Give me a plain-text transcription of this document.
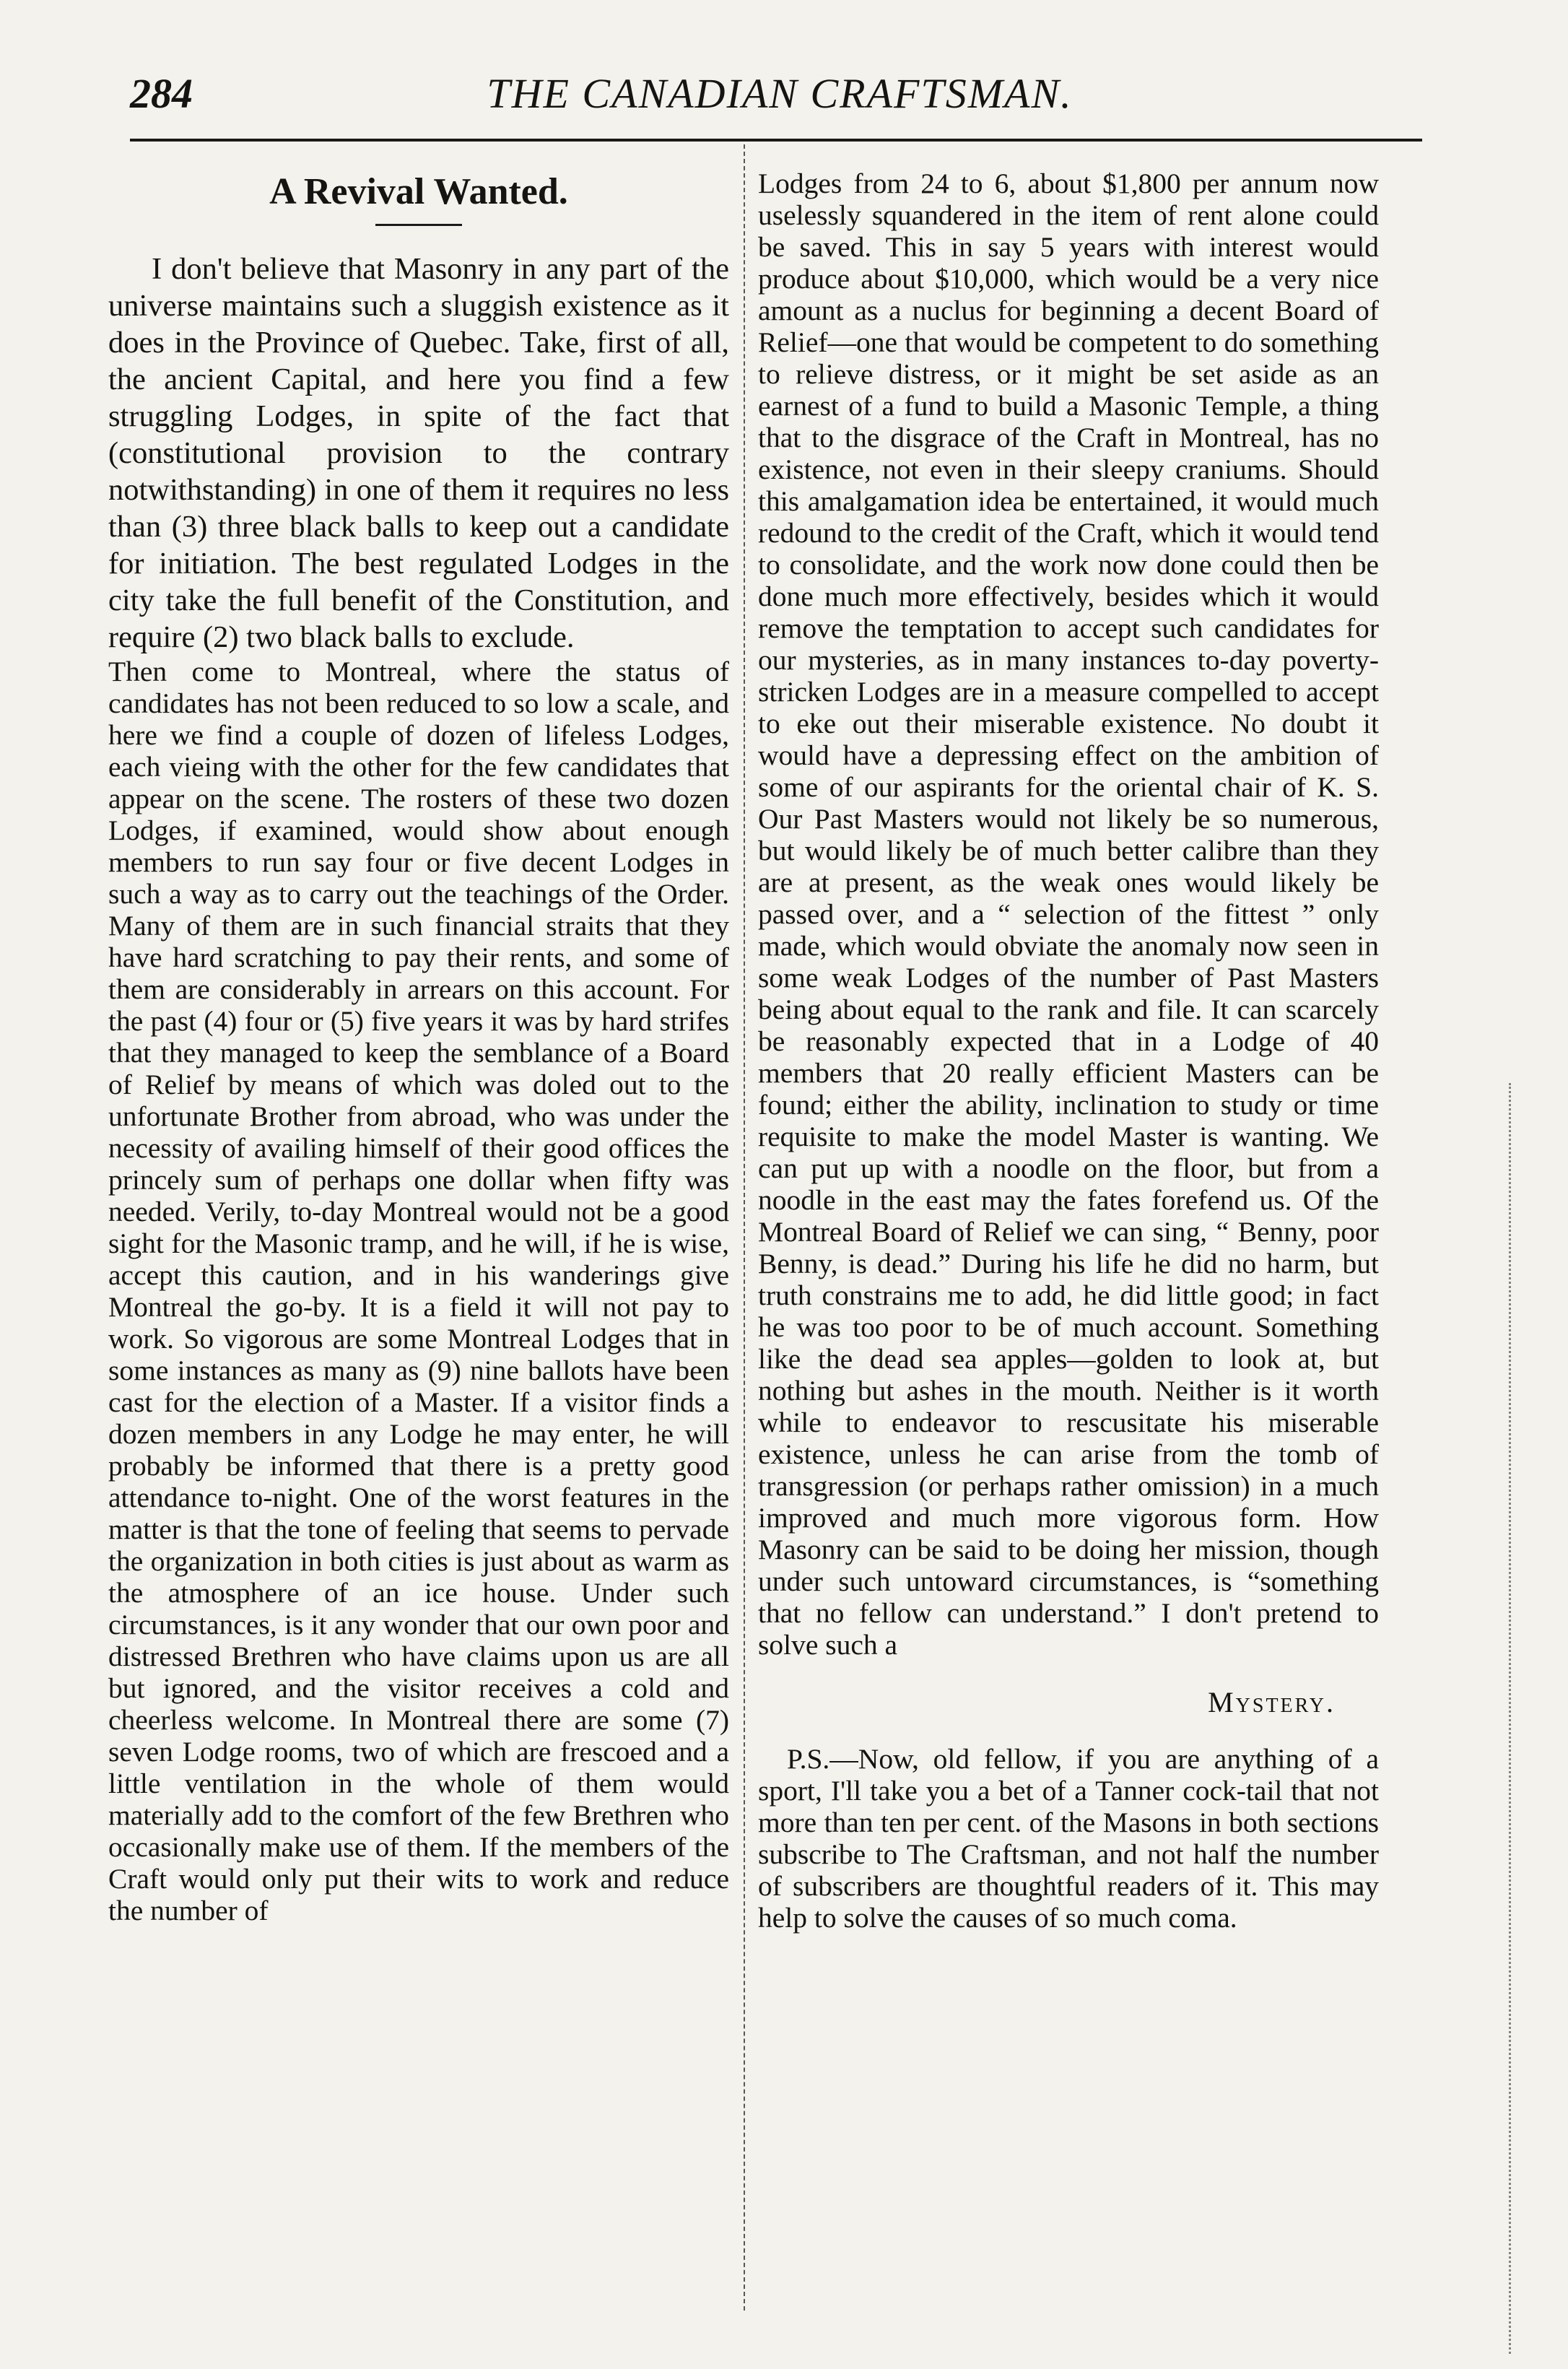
284	THE CANADIAN CRAFTSMAN.
A Revival Wanted.

I don't believe that Masonry in any part of the universe maintains such a sluggish existence as it does in the Province of Quebec. Take, first of all, the ancient Capital, and here you find a few struggling Lodges, in spite of the fact that (constitutional provision to the contrary notwithstanding) in one of them it requires no less than (3) three black balls to keep out a candidate for initiation. The best regulated Lodges in the city take the full benefit of the Constitution, and require (2) two black balls to exclude.

Then come to Montreal, where the status of candidates has not been reduced to so low a scale, and here we find a couple of dozen of lifeless Lodges, each vieing with the other for the few candidates that appear on the scene. The rosters of these two dozen Lodges, if examined, would show about enough members to run say four or five decent Lodges in such a way as to carry out the teachings of the Order. Many of them are in such financial straits that they have hard scratching to pay their rents, and some of them are considerably in arrears on this account. For the past (4) four or (5) five years it was by hard strifes that they managed to keep the semblance of a Board of Relief by means of which was doled out to the unfortunate Brother from abroad, who was under the necessity of availing himself of their good offices the princely sum of perhaps one dollar when fifty was needed. Verily, to-day Montreal would not be a good sight for the Masonic tramp, and he will, if he is wise, accept this caution, and in his wanderings give Montreal the go-by. It is a field it will not pay to work. So vigorous are some Montreal Lodges that in some instances as many as (9) nine ballots have been cast for the election of a Master. If a visitor finds a dozen members in any Lodge he may enter, he will probably be informed that there is a pretty good attendance to-night. One of the worst features in the matter is that the tone of feeling that seems to pervade the organization in both cities is just about as warm as the atmosphere of an ice house. Under such circumstances, is it any wonder that our own poor and distressed Brethren who have claims upon us are all but ignored, and the visitor receives a cold and cheerless welcome. In Montreal there are some (7) seven Lodge rooms, two of which are frescoed and a little ventilation in the whole of them would materially add to the comfort of the few Brethren who occasionally make use of them. If the members of the Craft would only put their wits to work and reduce the number of

Lodges from 24 to 6, about $1,800 per annum now uselessly squandered in the item of rent alone could be saved. This in say 5 years with interest would produce about $10,000, which would be a very nice amount as a nuclus for beginning a decent Board of Relief—one that would be competent to do something to relieve distress, or it might be set aside as an earnest of a fund to build a Masonic Temple, a thing that to the disgrace of the Craft in Montreal, has no existence, not even in their sleepy craniums. Should this amalgamation idea be entertained, it would much redound to the credit of the Craft, which it would tend to consolidate, and the work now done could then be done much more effectively, besides which it would remove the temptation to accept such candidates for our mysteries, as in many instances to-day poverty-stricken Lodges are in a measure compelled to accept to eke out their miserable existence. No doubt it would have a depressing effect on the ambition of some of our aspirants for the oriental chair of K. S. Our Past Masters would not likely be so numerous, but would likely be of much better calibre than they are at present, as the weak ones would likely be passed over, and a “ selection of the fittest ” only made, which would obviate the anomaly now seen in some weak Lodges of the number of Past Masters being about equal to the rank and file. It can scarcely be reasonably expected that in a Lodge of 40 members that 20 really efficient Masters can be found; either the ability, inclination to study or time requisite to make the model Master is wanting. We can put up with a noodle on the floor, but from a noodle in the east may the fates forefend us. Of the Montreal Board of Relief we can sing, “ Benny, poor Benny, is dead.” During his life he did no harm, but truth constrains me to add, he did little good; in fact he was too poor to be of much account. Something like the dead sea apples—golden to look at, but nothing but ashes in the mouth. Neither is it worth while to endeavor to rescusitate his miserable existence, unless he can arise from the tomb of transgression (or perhaps rather omission) in a much improved and much more vigorous form. How Masonry can be said to be doing her mission, though under such untoward circumstances, is “something that no fellow can understand.” I don't pretend to solve such a

Mystery.

P.S.—Now, old fellow, if you are anything of a sport, I'll take you a bet of a Tanner cock-tail that not more than ten per cent. of the Masons in both sections subscribe to The Craftsman, and not half the number of subscribers are thoughtful readers of it. This may help to solve the causes of so much coma.
